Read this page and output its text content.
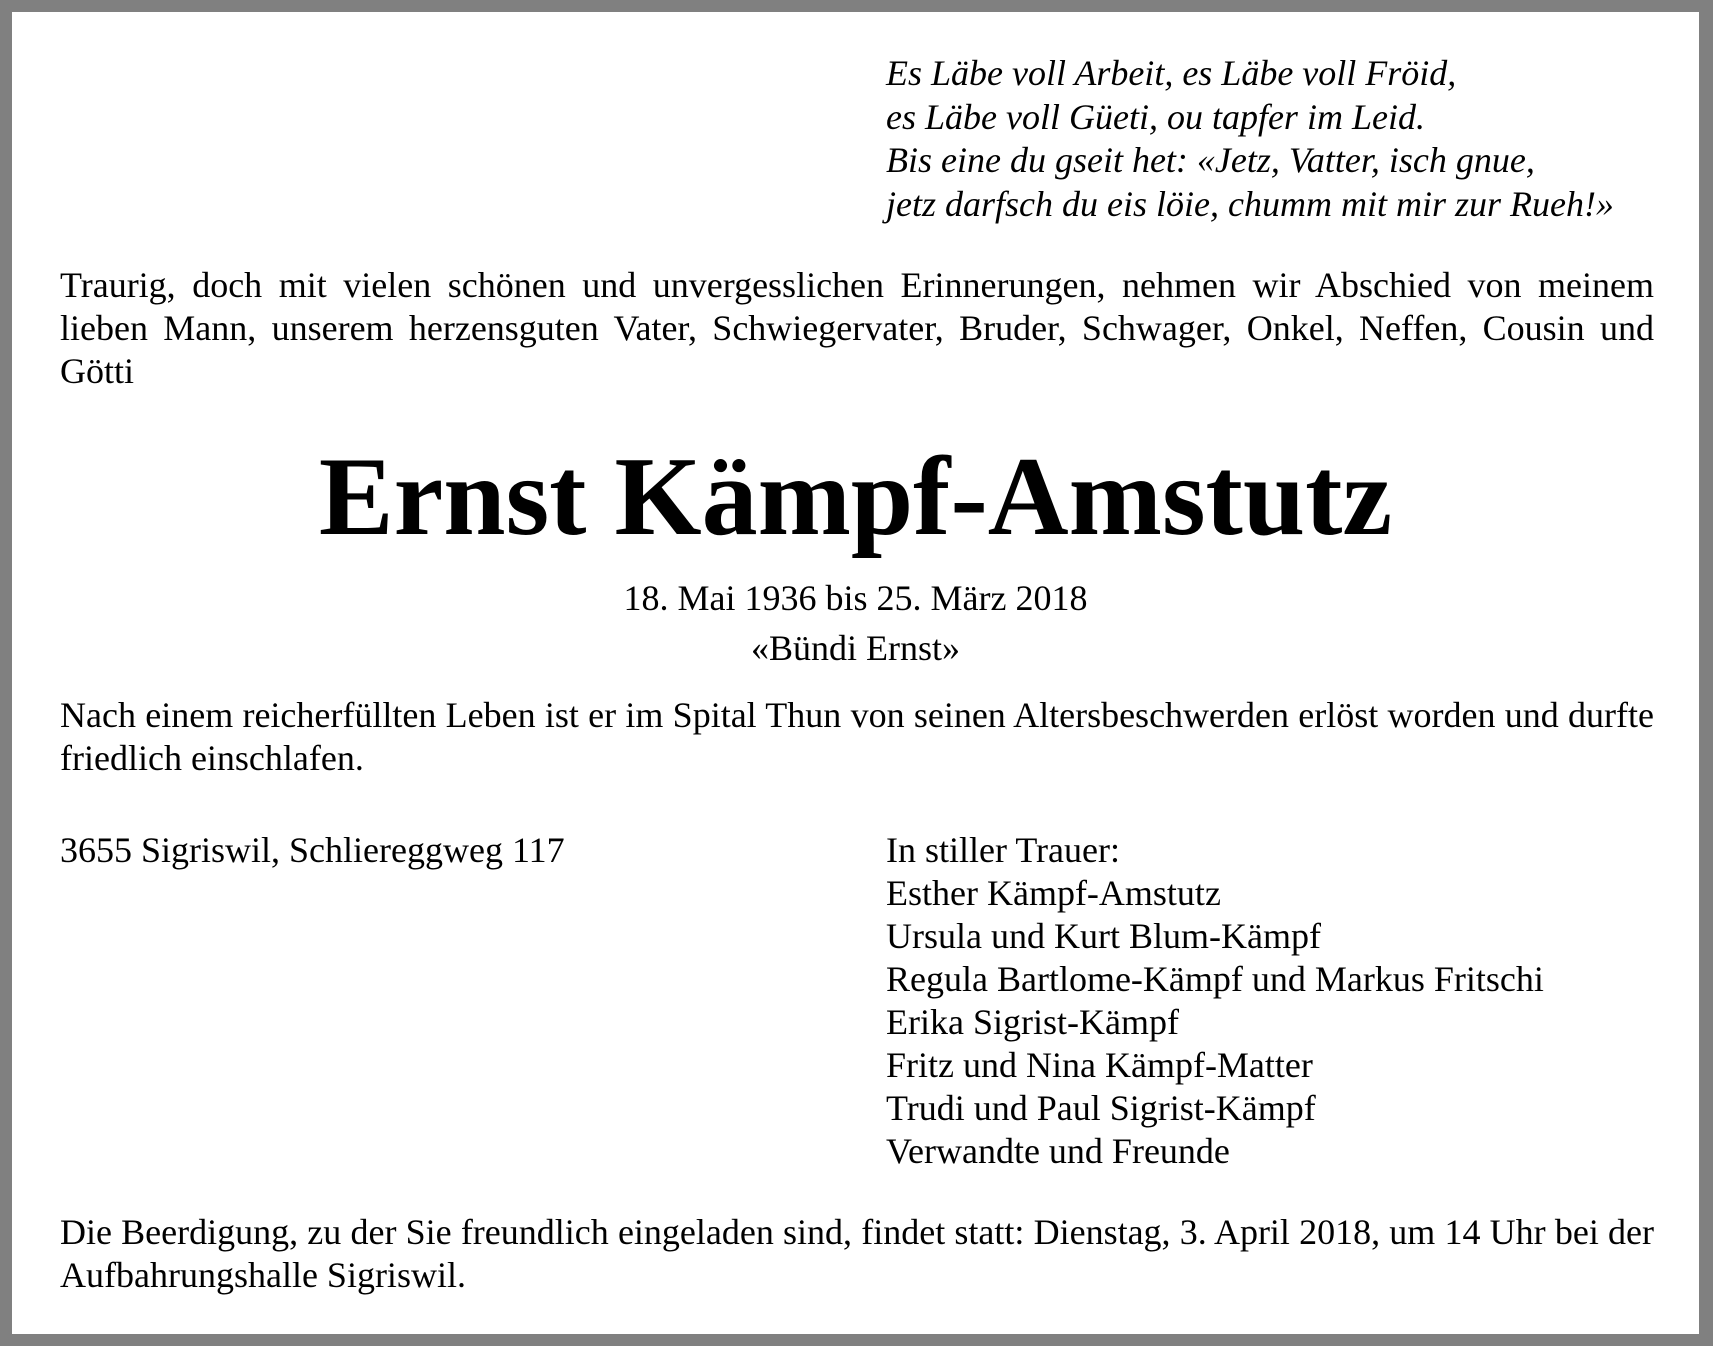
Es Läbe voll Arbeit, es Läbe voll Fröid,
es Läbe voll Güeti, ou tapfer im Leid.
Bis eine du gseit het: «Jetz, Vatter, isch gnue,
jetz darfsch du eis löie, chumm mit mir zur Rueh!»
Traurig, doch mit vielen schönen und unvergesslichen Erinnerungen, nehmen wir Abschied von meinem lieben Mann, unserem herzensguten Vater, Schwiegervater, Bruder, Schwager, Onkel, Neffen, Cousin und Götti
Ernst Kämpf-Amstutz
18. Mai 1936 bis 25. März 2018
«Bündi Ernst»
Nach einem reicherfüllten Leben ist er im Spital Thun von seinen Altersbeschwerden erlöst worden und durfte friedlich einschlafen.
3655 Sigriswil, Schliereggweg 117	In stiller Trauer:
Esther Kämpf-Amstutz
Ursula und Kurt Blum-Kämpf
Regula Bartlome-Kämpf und Markus Fritschi
Erika Sigrist-Kämpf
Fritz und Nina Kämpf-Matter
Trudi und Paul Sigrist-Kämpf
Verwandte und Freunde
Die Beerdigung, zu der Sie freundlich eingeladen sind, findet statt: Dienstag, 3. April 2018, um 14 Uhr bei der Aufbahrungshalle Sigriswil.
